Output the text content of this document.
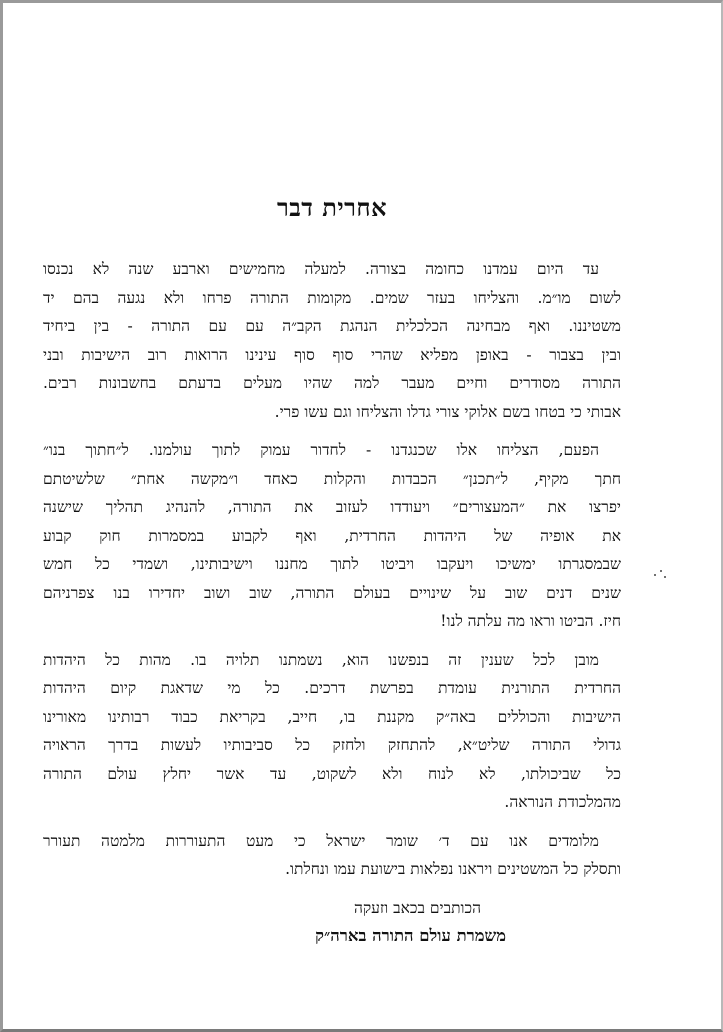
אחרית דבר
עד היום עמדנו כחומה בצורה. למעלה מחמישים וארבע שנה לא נכנסו
לשום מו״מ. והצליחו בעזר שמים. מקומות התורה פרחו ולא נגעה בהם יד
משטיננו. ואף מבחינה הכלכלית הנהגת הקב״ה עם עם התורה - בין ביחיד
ובין בצבור - באופן מפליא שהרי סוף סוף עינינו הרואות רוב הישיבות ובני
התורה מסודרים וחיים מעבר למה שהיו מעלים בדעתם בחשבונות רבים.
אבותי כי בטחו בשם אלוקי צורי גדלו והצליחו וגם עשו פרי.
הפעם, הצליחו אלו שכנגדנו - לחדור עמוק לתוך עולמנו. ל״חתוך בנו״
חתך מקיף, ל״תכנן״ הכבדות והקלות כאחד ו״מקשה אחת״ שלשיטתם
יפרצו את ״המעצורים״ ויעודדו לעזוב את התורה, להנהיג תהליך שישנה
את אופיה של היהדות החרדית, ואף לקבוע במסמרות חוק קבוע
שבמסגרתו ימשיכו ויעקבו ויביטו לתוך מחננו וישיבותינו, ושמדי כל חמש
שנים דנים שוב על שינויים בעולם התורה, שוב ושוב יחדירו בנו צפרניהם
חיז. הביטו וראו מה עלתה לנו!
מובן לכל שענין זה בנפשנו הוא, נשמתנו תלויה בו. מהות כל היהדות
החרדית התורנית עומדת בפרשת דרכים. כל מי שדאגת קיום היהדות
הישיבות והכוללים באה״ק מקננת בו, חייב, בקריאת כבוד רבותינו מאורינו
גדולי התורה שליט״א, להתחזק ולחזק כל סביבותיו לעשות בדרך הראויה
כל שביכולתו, לא לנוח ולא לשקוט, עד אשר יחלץ עולם התורה
מהמלכודת הנוראה.
מלומדים אנו עם ד׳ שומר ישראל כי מעט התעוררות מלמטה תעורר
ותסלק כל המשטינים ויראנו נפלאות בישועת עמו ונחלתו.
הכותבים בכאב וזעקה
משמרת עולם התורה בארה״ק
